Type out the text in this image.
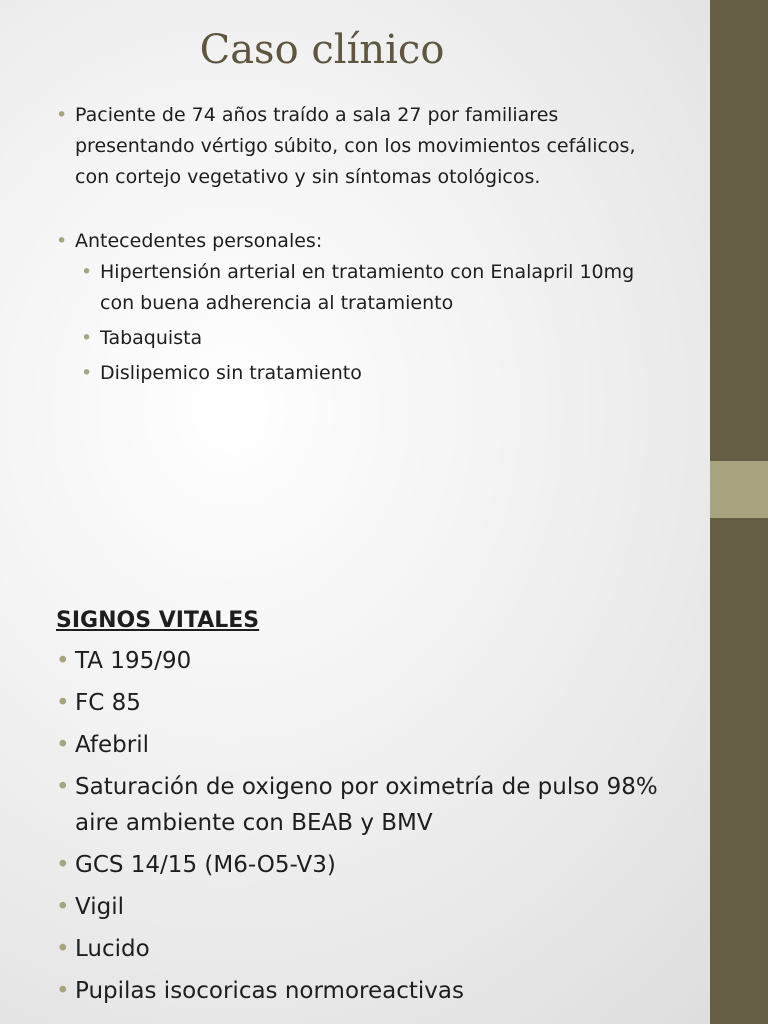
Caso clínico
• Paciente de 74 años traído a sala 27 por familiares presentando vértigo súbito, con los movimientos cefálicos, con cortejo vegetativo y sin síntomas otológicos.
• Antecedentes personales:
• Hipertensión arterial en tratamiento con Enalapril 10mg con buena adherencia al tratamiento
• Tabaquista
• Dislipemico sin tratamiento
SIGNOS VITALES
• TA 195/90
• FC 85
• Afebril
• Saturación de oxigeno por oximetría de pulso 98% aire ambiente con BEAB y BMV
• GCS 14/15 (M6-O5-V3)
• Vigil
• Lucido
• Pupilas isocoricas normoreactivas
